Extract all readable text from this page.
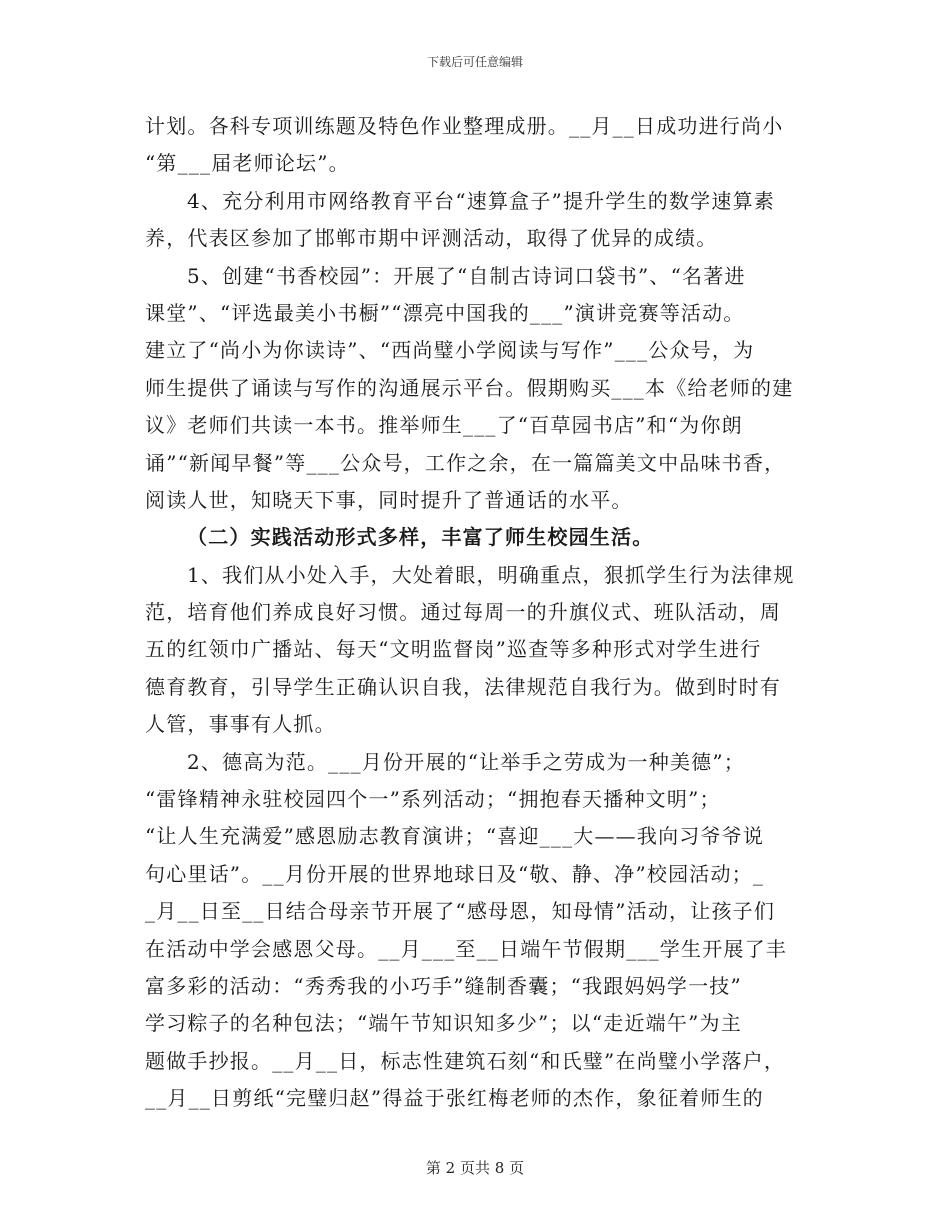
下载后可任意编辑
计划。各科专项训练题及特色作业整理成册。__月__日成功进行尚小
“第___届老师论坛”。
4、充分利用市网络教育平台“速算盒子”提升学生的数学速算素
养，代表区参加了邯郸市期中评测活动，取得了优异的成绩。
5、创建“书香校园”：开展了“自制古诗词口袋书”、“名著进
课堂”、“评选最美小书橱”“漂亮中国我的___”演讲竞赛等活动。
建立了“尚小为你读诗”、“西尚璧小学阅读与写作”___公众号，为
师生提供了诵读与写作的沟通展示平台。假期购买___本《给老师的建
议》老师们共读一本书。推举师生___了“百草园书店”和“为你朗
诵”“新闻早餐”等___公众号，工作之余，在一篇篇美文中品味书香，
阅读人世，知晓天下事，同时提升了普通话的水平。
（二）实践活动形式多样，丰富了师生校园生活。
1、我们从小处入手，大处着眼，明确重点，狠抓学生行为法律规
范，培育他们养成良好习惯。通过每周一的升旗仪式、班队活动，周
五的红领巾广播站、每天“文明监督岗”巡查等多种形式对学生进行
德育教育，引导学生正确认识自我，法律规范自我行为。做到时时有
人管，事事有人抓。
2、德高为范。___月份开展的“让举手之劳成为一种美德”；
“雷锋精神永驻校园四个一”系列活动；“拥抱春天播种文明”；
“让人生充满爱”感恩励志教育演讲；“喜迎___大——我向习爷爷说
句心里话”。__月份开展的世界地球日及“敬、静、净”校园活动；_
_月__日至__日结合母亲节开展了“感母恩，知母情”活动，让孩子们
在活动中学会感恩父母。__月___至__日端午节假期___学生开展了丰
富多彩的活动：“秀秀我的小巧手”缝制香囊；“我跟妈妈学一技”
学习粽子的名种包法；“端午节知识知多少”；以“走近端午”为主
题做手抄报。__月__日，标志性建筑石刻“和氏璧”在尚璧小学落户，
__月__日剪纸“完璧归赵”得益于张红梅老师的杰作，象征着师生的
第 2 页共 8 页
